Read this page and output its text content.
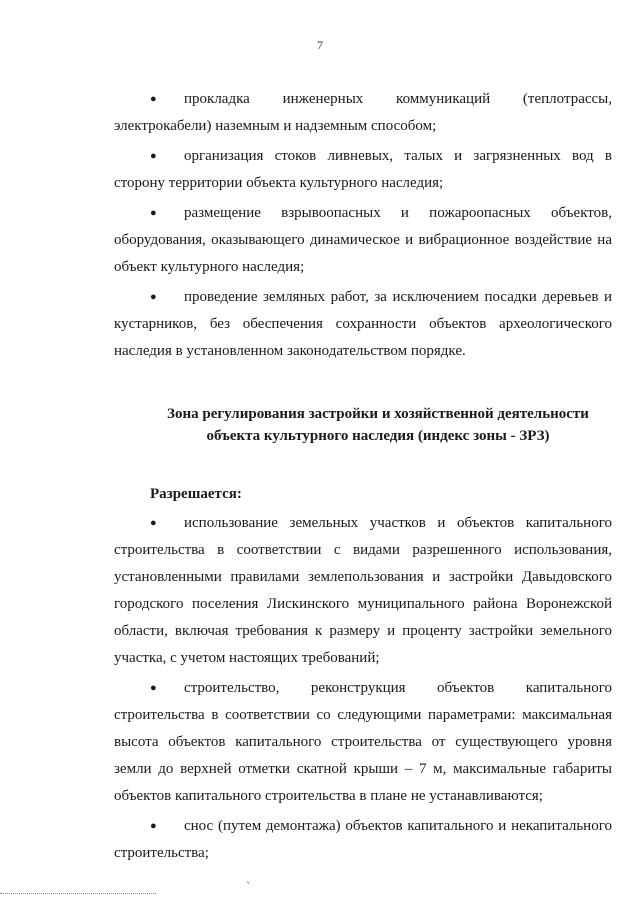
7

● прокладка инженерных коммуникаций (теплотрассы, электрокабели) наземным и надземным способом;

● организация стоков ливневых, талых и загрязненных вод в сторону территории объекта культурного наследия;

● размещение взрывоопасных и пожароопасных объектов, оборудования, оказывающего динамическое и вибрационное воздействие на объект культурного наследия;

● проведение земляных работ, за исключением посадки деревьев и кустарников, без обеспечения сохранности объектов археологического наследия в установленном законодательством порядке.

Зона регулирования застройки и хозяйственной деятельности
объекта культурного наследия (индекс зоны - ЗРЗ)
Разрешается:

● использование земельных участков и объектов капитального строительства в соответствии с видами разрешенного использования, установленными правилами землепользования и застройки Давыдовского городского поселения Лискинского муниципального района Воронежской области, включая требования к размеру и проценту застройки земельного участка, с учетом настоящих требований;

● строительство, реконструкция объектов капитального строительства в соответствии со следующими параметрами: максимальная высота объектов капитального строительства от существующего уровня земли до верхней отметки скатной крыши – 7 м, максимальные габариты объектов капитального строительства в плане не устанавливаются;

● снос (путем демонтажа) объектов капитального и некапитального строительства;

ᵥ
